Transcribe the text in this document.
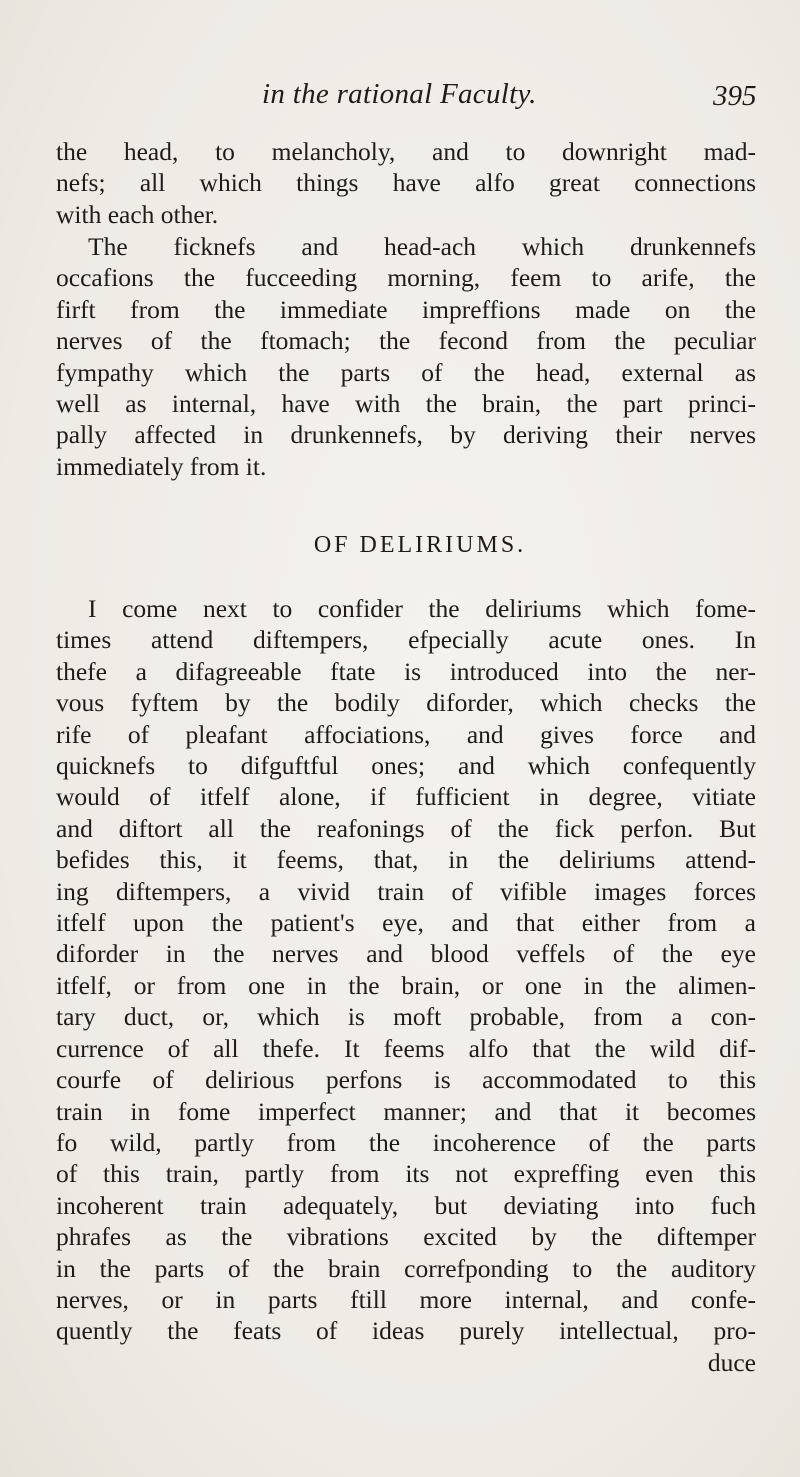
in the rational Faculty.	395
the head, to melancholy, and to downright mad-
nefs; all which things have alfo great connections
with each other.
The ficknefs and head-ach which drunkennefs
occafions the fucceeding morning, feem to arife, the
firft from the immediate impreffions made on the
nerves of the ftomach; the fecond from the peculiar
fympathy which the parts of the head, external as
well as internal, have with the brain, the part princi-
pally affected in drunkennefs, by deriving their nerves
immediately from it.
OF DELIRIUMS.
I come next to confider the deliriums which fome-
times attend diftempers, efpecially acute ones. In
thefe a difagreeable ftate is introduced into the ner-
vous fyftem by the bodily diforder, which checks the
rife of pleafant affociations, and gives force and
quicknefs to difguftful ones; and which confequently
would of itfelf alone, if fufficient in degree, vitiate
and diftort all the reafonings of the fick perfon. But
befides this, it feems, that, in the deliriums attend-
ing diftempers, a vivid train of vifible images forces
itfelf upon the patient's eye, and that either from a
diforder in the nerves and blood veffels of the eye
itfelf, or from one in the brain, or one in the alimen-
tary duct, or, which is moft probable, from a con-
currence of all thefe. It feems alfo that the wild dif-
courfe of delirious perfons is accommodated to this
train in fome imperfect manner; and that it becomes
fo wild, partly from the incoherence of the parts
of this train, partly from its not expreffing even this
incoherent train adequately, but deviating into fuch
phrafes as the vibrations excited by the diftemper
in the parts of the brain correfponding to the auditory
nerves, or in parts ftill more internal, and confe-
quently the feats of ideas purely intellectual, pro-
duce
